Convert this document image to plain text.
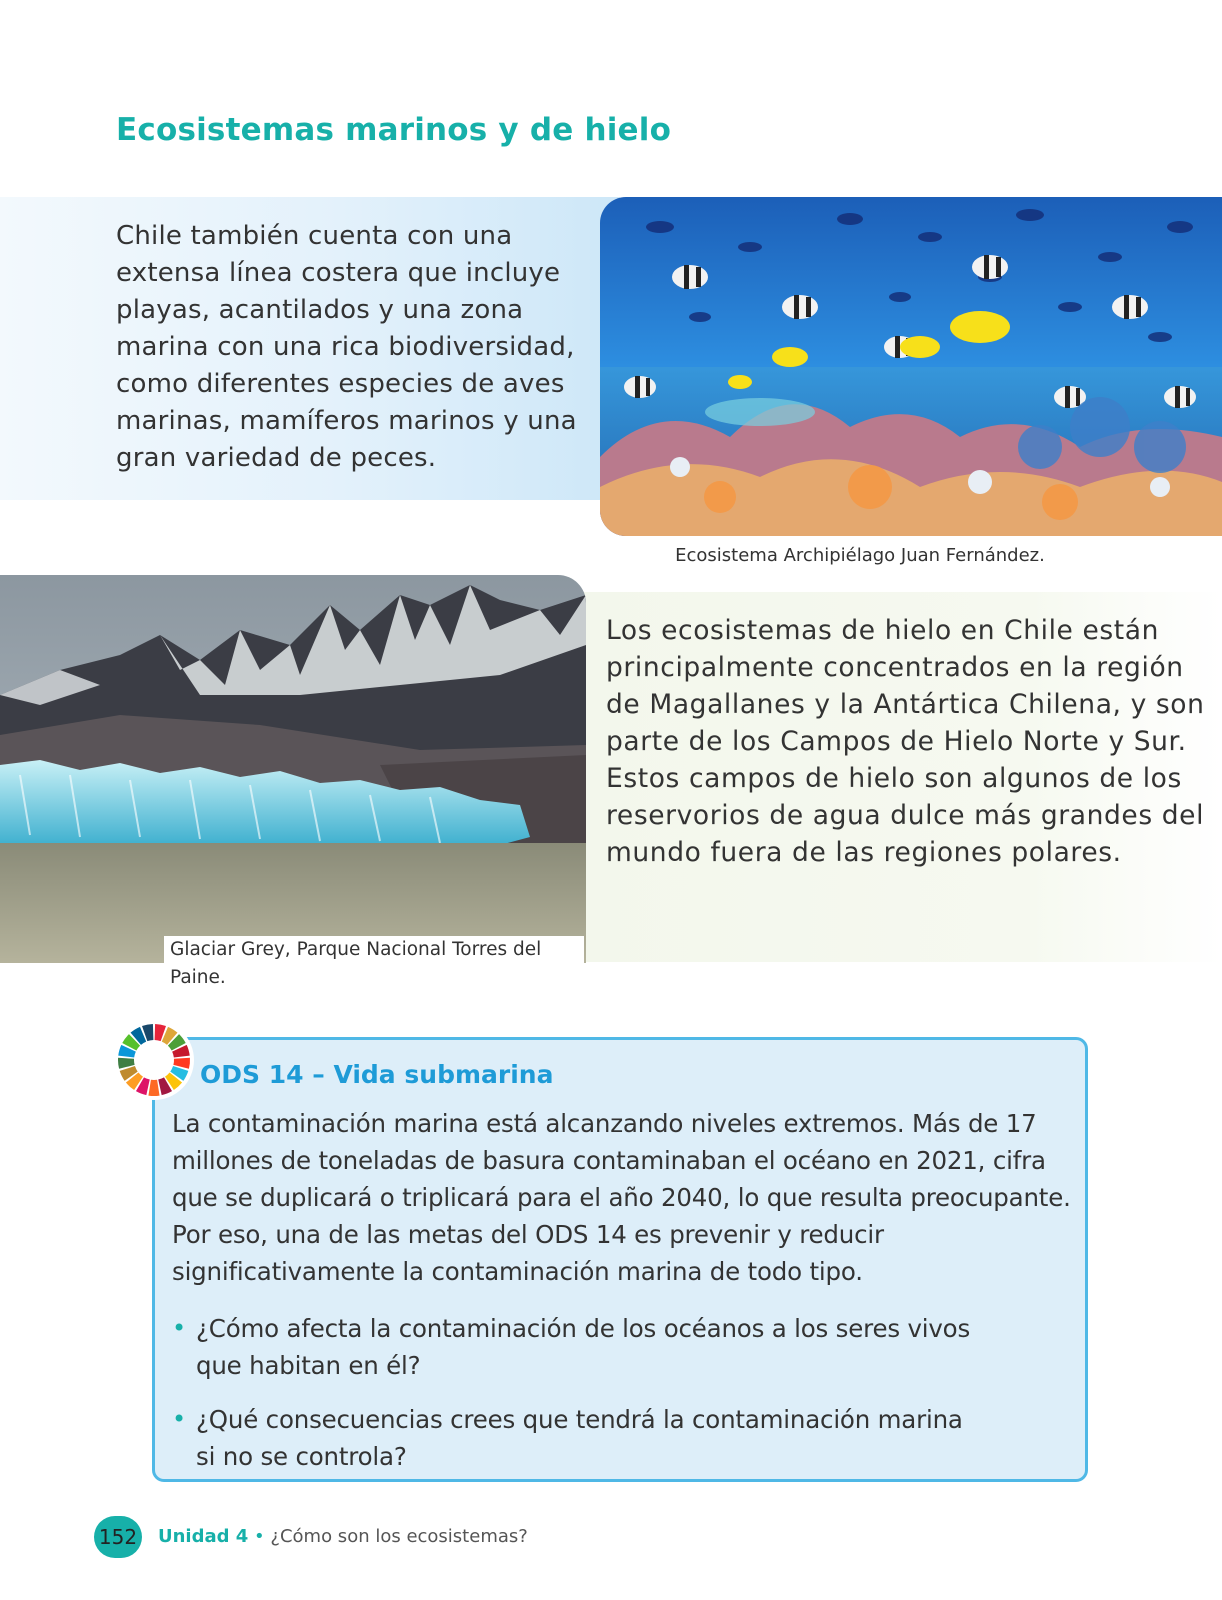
Ecosistemas marinos y de hielo

Chile también cuenta con una extensa línea costera que incluye playas, acantilados y una zona marina con una rica biodiversidad, como diferentes especies de aves marinas, mamíferos marinos y una gran variedad de peces.

Ecosistema Archipiélago Juan Fernández.

Los ecosistemas de hielo en Chile están principalmente concentrados en la región de Magallanes y la Antártica Chilena, y son parte de los Campos de Hielo Norte y Sur. Estos campos de hielo son algunos de los reservorios de agua dulce más grandes del mundo fuera de las regiones polares.

Glaciar Grey, Parque Nacional Torres del Paine.

ODS 14 – Vida submarina

La contaminación marina está alcanzando niveles extremos. Más de 17 millones de toneladas de basura contaminaban el océano en 2021, cifra que se duplicará o triplicará para el año 2040, lo que resulta preocupante. Por eso, una de las metas del ODS 14 es prevenir y reducir significativamente la contaminación marina de todo tipo.

• ¿Cómo afecta la contaminación de los océanos a los seres vivos que habitan en él?
• ¿Qué consecuencias crees que tendrá la contaminación marina si no se controla?
152 Unidad 4 • ¿Cómo son los ecosistemas?
